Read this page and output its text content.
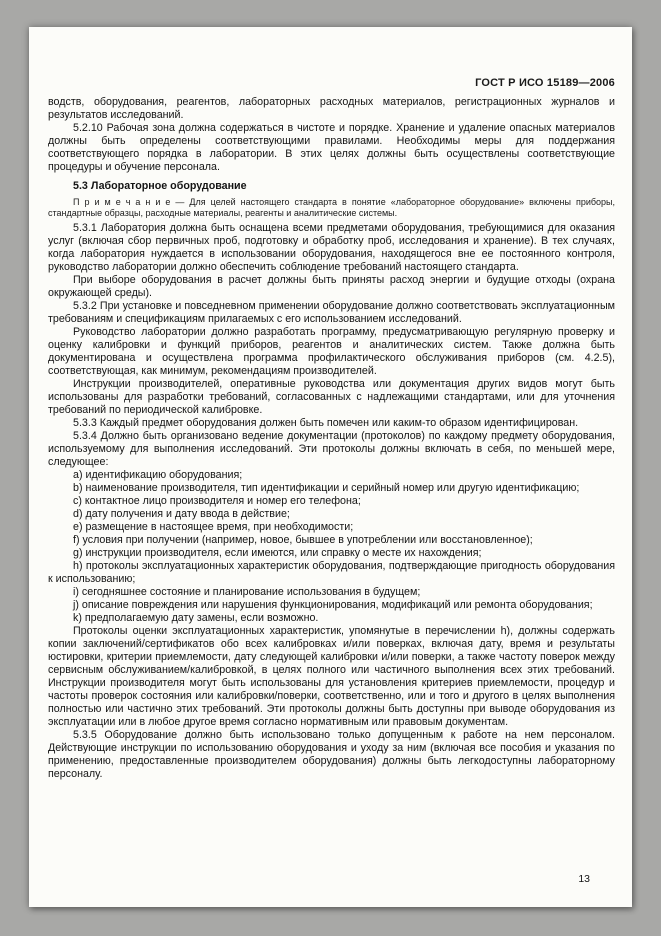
ГОСТ Р ИСО 15189—2006

водств, оборудования, реагентов, лабораторных расходных материалов, регистрационных журналов и результатов исследований.

5.2.10 Рабочая зона должна содержаться в чистоте и порядке. Хранение и удаление опасных материалов должны быть определены соответствующими правилами. Необходимы меры для поддержания соответствующего порядка в лаборатории. В этих целях должны быть осуществлены соответствующие процедуры и обучение персонала.

5.3 Лабораторное оборудование

П р и м е ч а н и е — Для целей настоящего стандарта в понятие «лабораторное оборудование» включены приборы, стандартные образцы, расходные материалы, реагенты и аналитические системы.

5.3.1 Лаборатория должна быть оснащена всеми предметами оборудования, требующимися для оказания услуг (включая сбор первичных проб, подготовку и обработку проб, исследования и хранение). В тех случаях, когда лаборатория нуждается в использовании оборудования, находящегося вне ее постоянного контроля, руководство лаборатории должно обеспечить соблюдение требований настоящего стандарта.

При выборе оборудования в расчет должны быть приняты расход энергии и будущие отходы (охрана окружающей среды).

5.3.2 При установке и повседневном применении оборудование должно соответствовать эксплуатационным требованиям и спецификациям прилагаемых с его использованием исследований.

Руководство лаборатории должно разработать программу, предусматривающую регулярную проверку и оценку калибровки и функций приборов, реагентов и аналитических систем. Также должна быть документирована и осуществлена программа профилактического обслуживания приборов (см. 4.2.5), соответствующая, как минимум, рекомендациям производителей.

Инструкции производителей, оперативные руководства или документация других видов могут быть использованы для разработки требований, согласованных с надлежащими стандартами, или для уточнения требований по периодической калибровке.

5.3.3 Каждый предмет оборудования должен быть помечен или каким-то образом идентифицирован.

5.3.4 Должно быть организовано ведение документации (протоколов) по каждому предмету оборудования, используемому для выполнения исследований. Эти протоколы должны включать в себя, по меньшей мере, следующее:

a) идентификацию оборудования;

b) наименование производителя, тип идентификации и серийный номер или другую идентификацию;

c) контактное лицо производителя и номер его телефона;

d) дату получения и дату ввода в действие;

e) размещение в настоящее время, при необходимости;

f) условия при получении (например, новое, бывшее в употреблении или восстановленное);

g) инструкции производителя, если имеются, или справку о месте их нахождения;

h) протоколы эксплуатационных характеристик оборудования, подтверждающие пригодность оборудования к использованию;

i) сегодняшнее состояние и планирование использования в будущем;

j) описание повреждения или нарушения функционирования, модификаций или ремонта оборудования;

k) предполагаемую дату замены, если возможно.

Протоколы оценки эксплуатационных характеристик, упомянутые в перечислении h), должны содержать копии заключений/сертификатов обо всех калибровках и/или поверках, включая дату, время и результаты юстировки, критерии приемлемости, дату следующей калибровки и/или поверки, а также частоту поверок между сервисным обслуживанием/калибровкой, в целях полного или частичного выполнения всех этих требований. Инструкции производителя могут быть использованы для установления критериев приемлемости, процедур и частоты проверок состояния или калибровки/поверки, соответственно, или и того и другого в целях выполнения полностью или частично этих требований. Эти протоколы должны быть доступны при выводе оборудования из эксплуатации или в любое другое время согласно нормативным или правовым документам.

5.3.5 Оборудование должно быть использовано только допущенным к работе на нем персоналом. Действующие инструкции по использованию оборудования и уходу за ним (включая все пособия и указания по применению, предоставленные производителем оборудования) должны быть легкодоступны лабораторному персоналу.

13
